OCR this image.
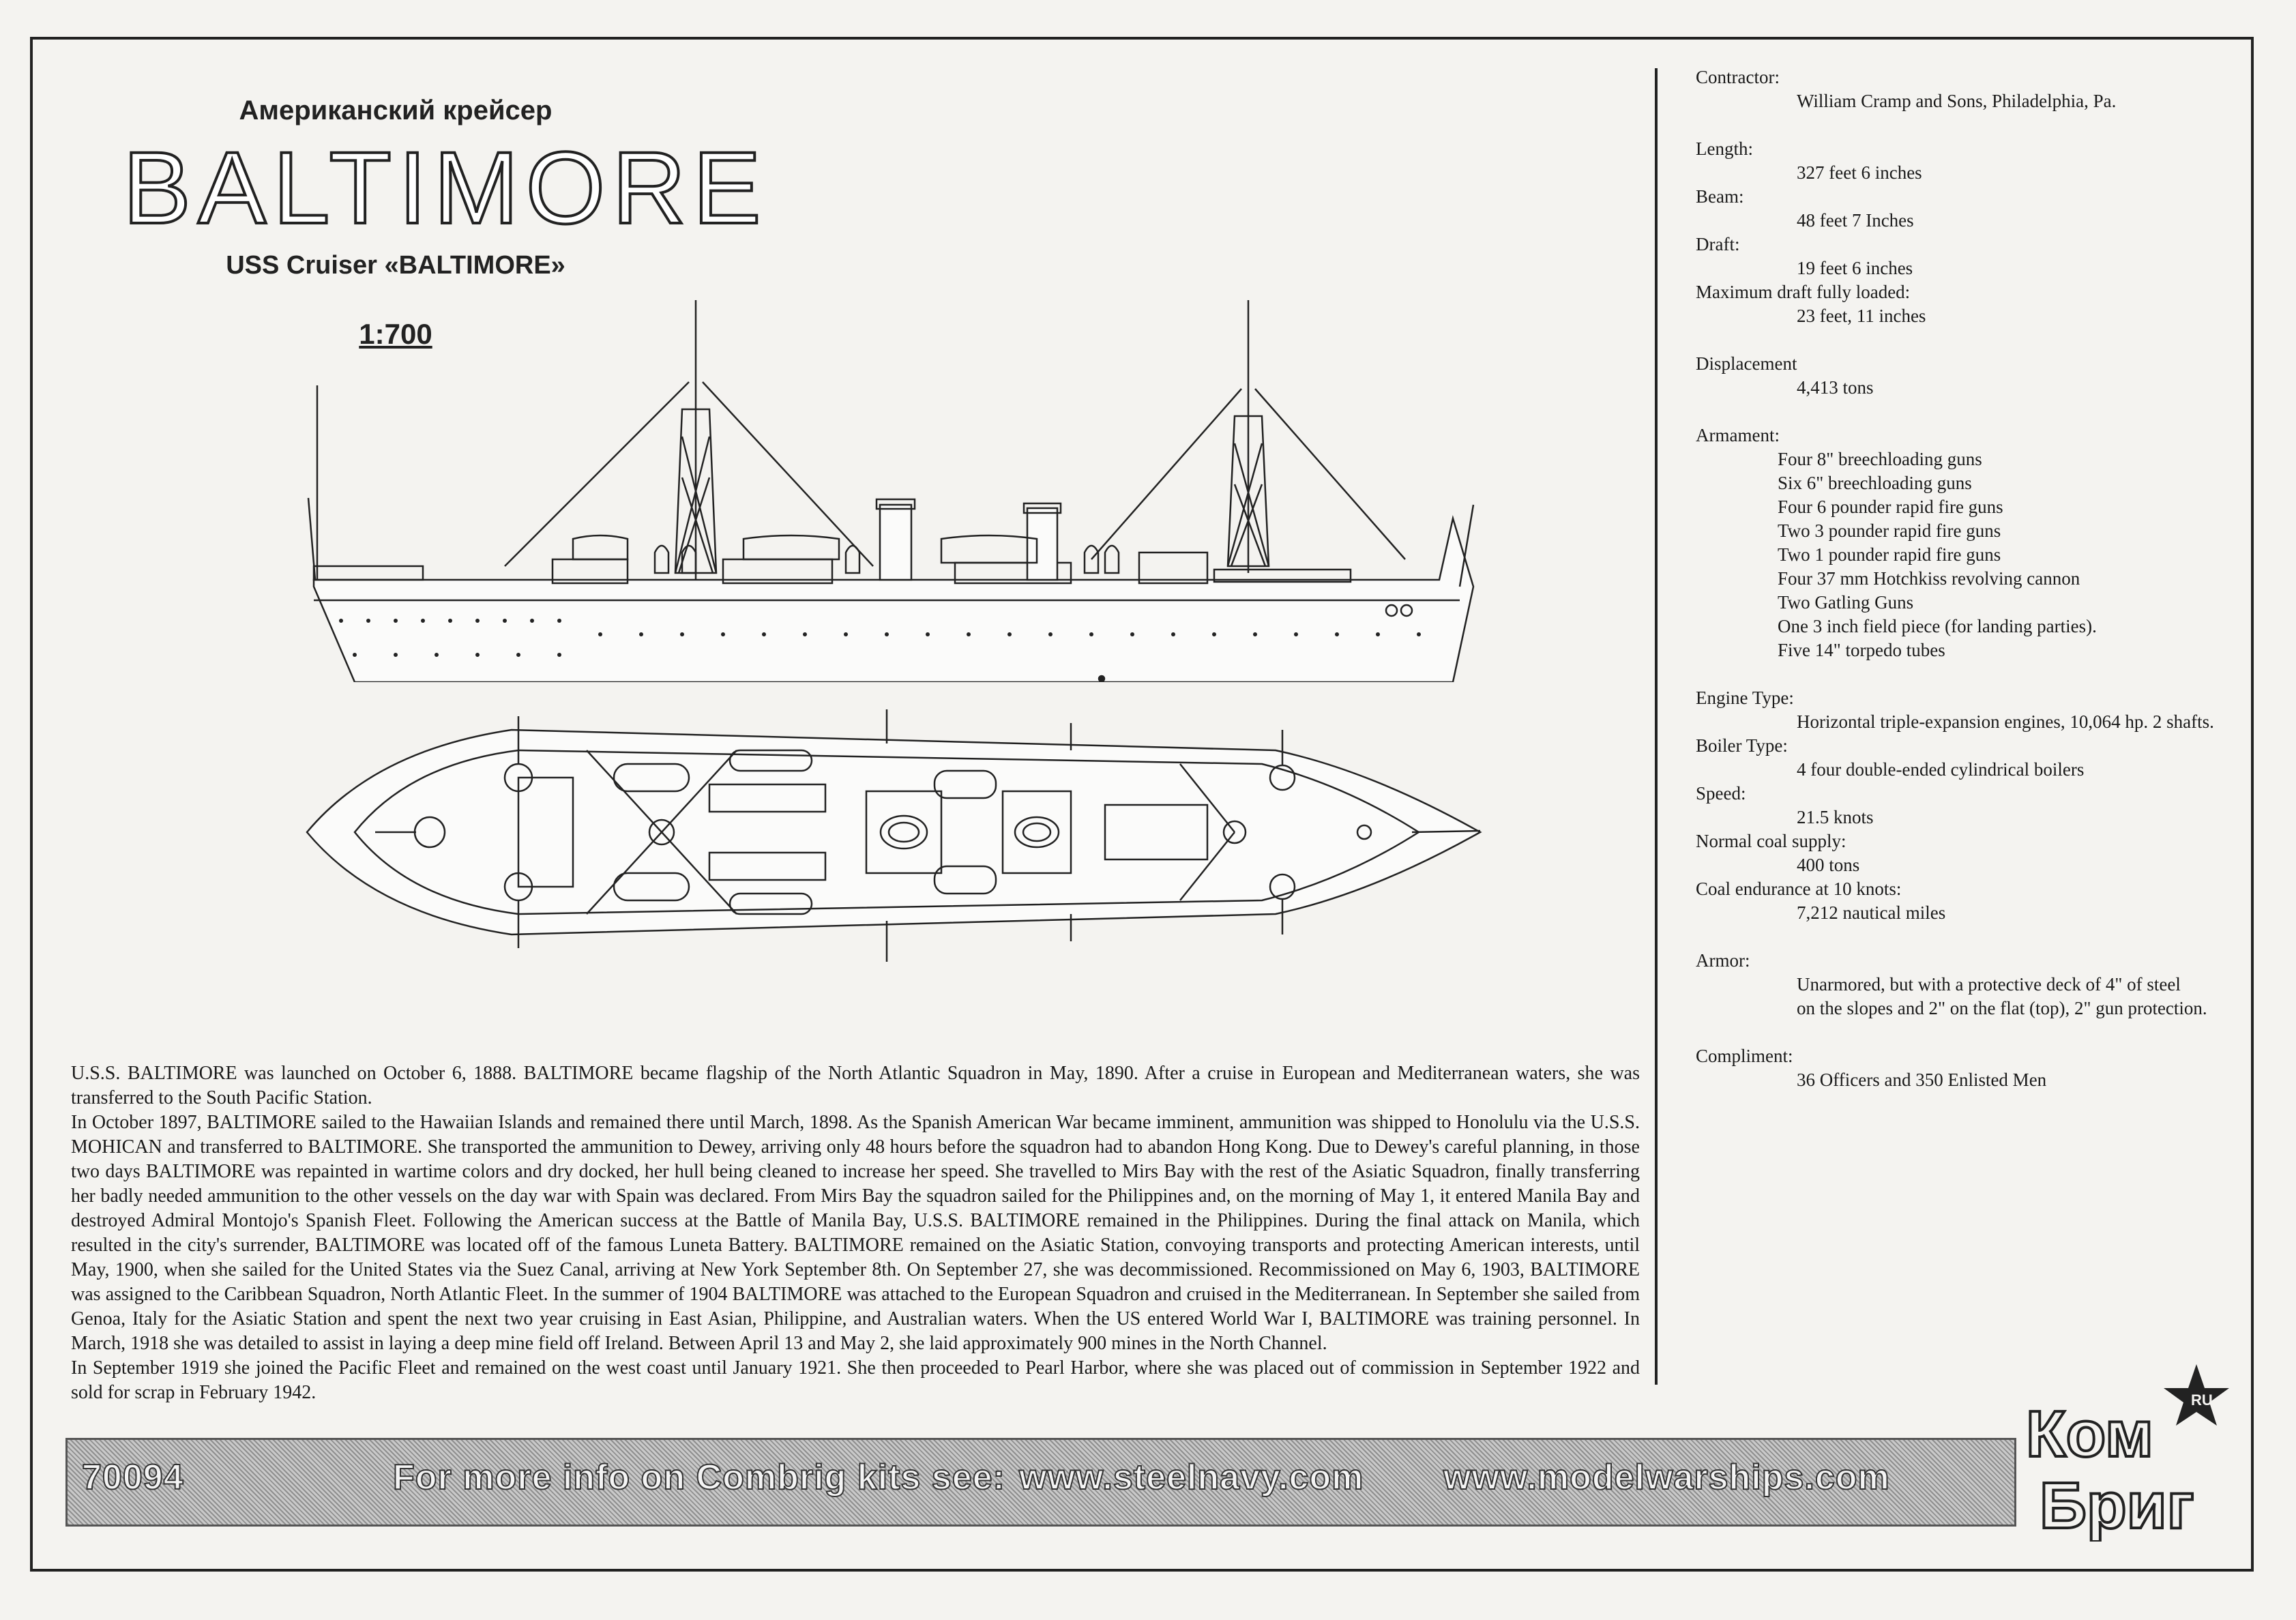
Американский крейсер
BALTIMORE
USS Cruiser «BALTIMORE»
1:700
Contractor:
William Cramp and Sons, Philadelphia, Pa.
Length:
327 feet 6 inches
Beam:
48 feet 7 Inches
Draft:
19 feet 6 inches
Maximum draft fully loaded:
23 feet, 11 inches
Displacement
4,413 tons
Armament:
Four 8" breechloading guns
Six 6" breechloading guns
Four 6 pounder rapid fire guns
Two 3 pounder rapid fire guns
Two 1 pounder rapid fire guns
Four 37 mm Hotchkiss revolving cannon
Two Gatling Guns
One 3 inch field piece (for landing parties).
Five 14" torpedo tubes
Engine Type:
Horizontal triple-expansion engines, 10,064 hp. 2 shafts.
Boiler Type:
4 four double-ended cylindrical boilers
Speed:
21.5 knots
Normal coal supply:
400 tons
Coal endurance at 10 knots:
7,212 nautical miles
Armor:
Unarmored, but with a protective deck of 4" of steel
on the slopes and 2" on the flat (top), 2" gun protection.
Compliment:
36 Officers and 350 Enlisted Men

U.S.S. BALTIMORE was launched on October 6, 1888. BALTIMORE became flagship of the North Atlantic Squadron in May, 1890. After a cruise in European and Mediterranean waters, she was transferred to the South Pacific Station.

In October 1897, BALTIMORE sailed to the Hawaiian Islands and remained there until March, 1898. As the Spanish American War became imminent, ammunition was shipped to Honolulu via the U.S.S. MOHICAN and transferred to BALTIMORE. She transported the ammunition to Dewey, arriving only 48 hours before the squadron had to abandon Hong Kong. Due to Dewey's careful planning, in those two days BALTIMORE was repainted in wartime colors and dry docked, her hull being cleaned to increase her speed. She travelled to Mirs Bay with the rest of the Asiatic Squadron, finally transferring her badly needed ammunition to the other vessels on the day war with Spain was declared. From Mirs Bay the squadron sailed for the Philippines and, on the morning of May 1, it entered Manila Bay and destroyed Admiral Montojo's Spanish Fleet. Following the American success at the Battle of Manila Bay, U.S.S. BALTIMORE remained in the Philippines. During the final attack on Manila, which resulted in the city's surrender, BALTIMORE was located off of the famous Luneta Battery. BALTIMORE remained on the Asiatic Station, convoying transports and protecting American interests, until May, 1900, when she sailed for the United States via the Suez Canal, arriving at New York September 8th. On September 27, she was decommissioned. Recommissioned on May 6, 1903, BALTIMORE was assigned to the Caribbean Squadron, North Atlantic Fleet. In the summer of 1904 BALTIMORE was attached to the European Squadron and cruised in the Mediterranean. In September she sailed from Genoa, Italy for the Asiatic Station and spent the next two year cruising in East Asian, Philippine, and Australian waters. When the US entered World War I, BALTIMORE was training personnel. In March, 1918 she was detailed to assist in laying a deep mine field off Ireland. Between April 13 and May 2, she laid approximately 900 mines in the North Channel.

In September 1919 she joined the Pacific Fleet and remained on the west coast until January 1921. She then proceeded to Pearl Harbor, where she was placed out of commission in September 1922 and sold for scrap in February 1942.

70094	For more info on Combrig kits see: www.steelnavy.com www.modelwarships.com
RU
Ком
Бриг
